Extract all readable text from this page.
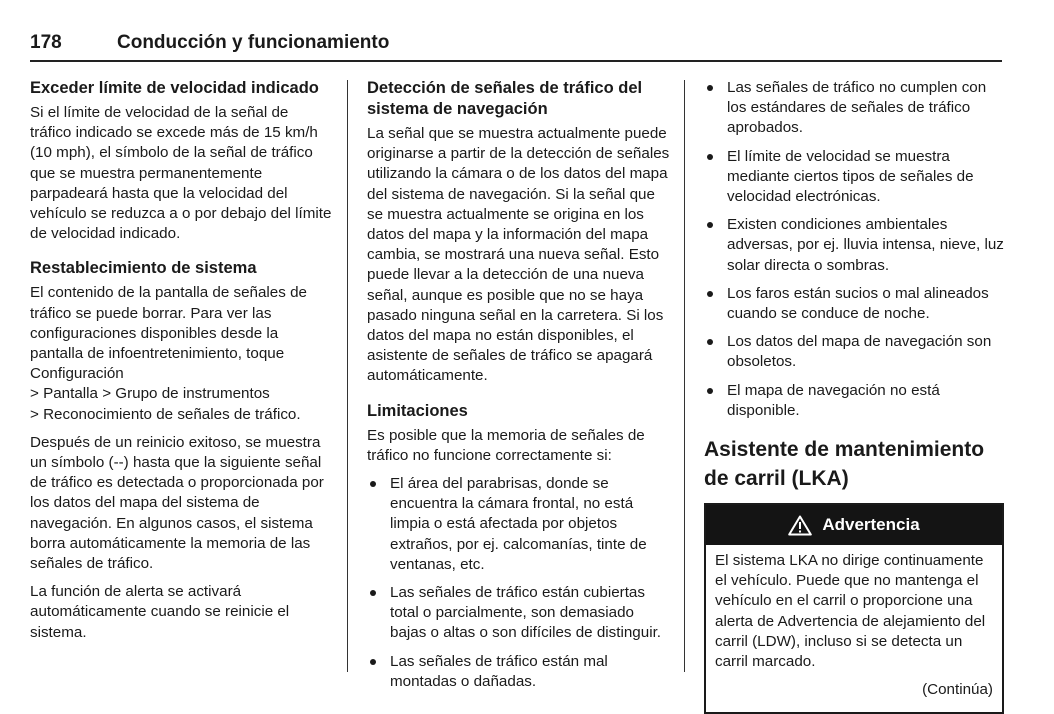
178	Conducción y funcionamiento
Exceder límite de velocidad indicado

Si el límite de velocidad de la señal de tráfico indicado se excede más de 15 km/h (10 mph), el símbolo de la señal de tráfico que se muestra permanentemente parpadeará hasta que la velocidad del vehículo se reduzca a o por debajo del límite de velocidad indicado.

Restablecimiento de sistema

El contenido de la pantalla de señales de tráfico se puede borrar. Para ver las configuraciones disponibles desde la pantalla de infoentretenimiento, toque Configuración

> Pantalla > Grupo de instrumentos

> Reconocimiento de señales de tráfico.

Después de un reinicio exitoso, se muestra un símbolo (--) hasta que la siguiente señal de tráfico es detectada o proporcionada por los datos del mapa del sistema de navegación. En algunos casos, el sistema borra automáticamente la memoria de las señales de tráfico.

La función de alerta se activará automáticamente cuando se reinicie el sistema.

Detección de señales de tráfico del sistema de navegación

La señal que se muestra actualmente puede originarse a partir de la detección de señales utilizando la cámara o de los datos del mapa del sistema de navegación. Si la señal que se muestra actualmente se origina en los datos del mapa y la información del mapa cambia, se mostrará una nueva señal. Esto puede llevar a la detección de una nueva señal, aunque es posible que no se haya pasado ninguna señal en la carretera. Si los datos del mapa no están disponibles, el asistente de señales de tráfico se apagará automáticamente.

Limitaciones

Es posible que la memoria de señales de tráfico no funcione correctamente si:

El área del parabrisas, donde se encuentra la cámara frontal, no está limpia o está afectada por objetos extraños, por ej. calcomanías, tinte de ventanas, etc.
Las señales de tráfico están cubiertas total o parcialmente, son demasiado bajas o altas o son difíciles de distinguir.
Las señales de tráfico están mal montadas o dañadas.
Las señales de tráfico no cumplen con los estándares de señales de tráfico aprobados.
El límite de velocidad se muestra mediante ciertos tipos de señales de velocidad electrónicas.
Existen condiciones ambientales adversas, por ej. lluvia intensa, nieve, luz solar directa o sombras.
Los faros están sucios o mal alineados cuando se conduce de noche.
Los datos del mapa de navegación son obsoletos.
El mapa de navegación no está disponible.
Asistente de mantenimiento de carril (LKA)
Advertencia

El sistema LKA no dirige continuamente el vehículo. Puede que no mantenga el vehículo en el carril o proporcione una alerta de Advertencia de alejamiento del carril (LDW), incluso si se detecta un carril marcado.

(Continúa)
